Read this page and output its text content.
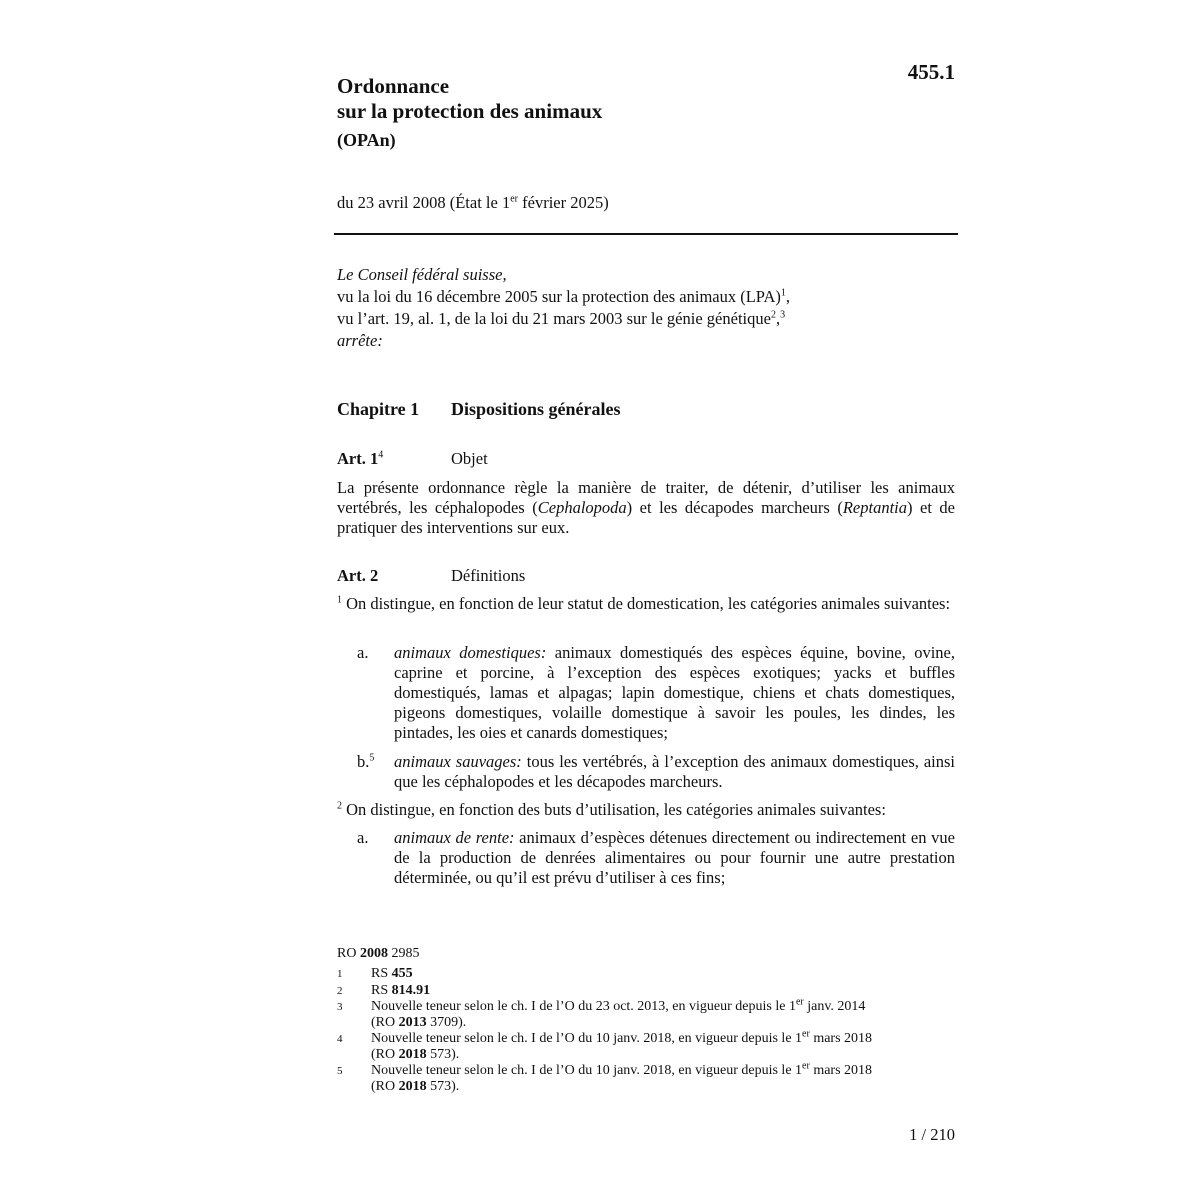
455.1
Ordonnance
sur la protection des animaux
(OPAn)
du 23 avril 2008 (État le 1er février 2025)
Le Conseil fédéral suisse,
vu la loi du 16 décembre 2005 sur la protection des animaux (LPA)$^1$,
vu l’art. 19, al. 1, de la loi du 21 mars 2003 sur le génie génétique$^2$,$^3$
arrête:
Chapitre 1 Dispositions générales
Art. $1^4$	Objet
La présente ordonnance règle la manière de traiter, de détenir, d’utiliser les animaux vertébrés, les céphalopodes (Cephalopoda) et les décapodes marcheurs (Reptantia) et de pratiquer des interventions sur eux.
Art. 2	Définitions
$^1$ On distingue, en fonction de leur statut de domestication, les catégories animales suivantes:
a.	animaux domestiques: animaux domestiqués des espèces équine, bovine, ovine, caprine et porcine, à l’exception des espèces exotiques; yacks et buffles domestiqués, lamas et alpagas; lapin domestique, chiens et chats domestiques, pigeons domestiques, volaille domestique à savoir les poules, les dindes, les pintades, les oies et canards domestiques;
b.$^5$	animaux sauvages: tous les vertébrés, à l’exception des animaux domestiques, ainsi que les céphalopodes et les décapodes marcheurs.
$^2$ On distingue, en fonction des buts d’utilisation, les catégories animales suivantes:
a.	animaux de rente: animaux d’espèces détenues directement ou indirectement en vue de la production de denrées alimentaires ou pour fournir une autre prestation déterminée, ou qu’il est prévu d’utiliser à ces fins;
RO 2008 2985
1 RS 455
2 RS 814.91
3 Nouvelle teneur selon le ch. I de l’O du 23 oct. 2013, en vigueur depuis le 1er janv. 2014
(RO 2013 3709).
4 Nouvelle teneur selon le ch. I de l’O du 10 janv. 2018, en vigueur depuis le 1er mars 2018
(RO 2018 573).
5 Nouvelle teneur selon le ch. I de l’O du 10 janv. 2018, en vigueur depuis le 1er mars 2018
(RO 2018 573).
1 / 210
